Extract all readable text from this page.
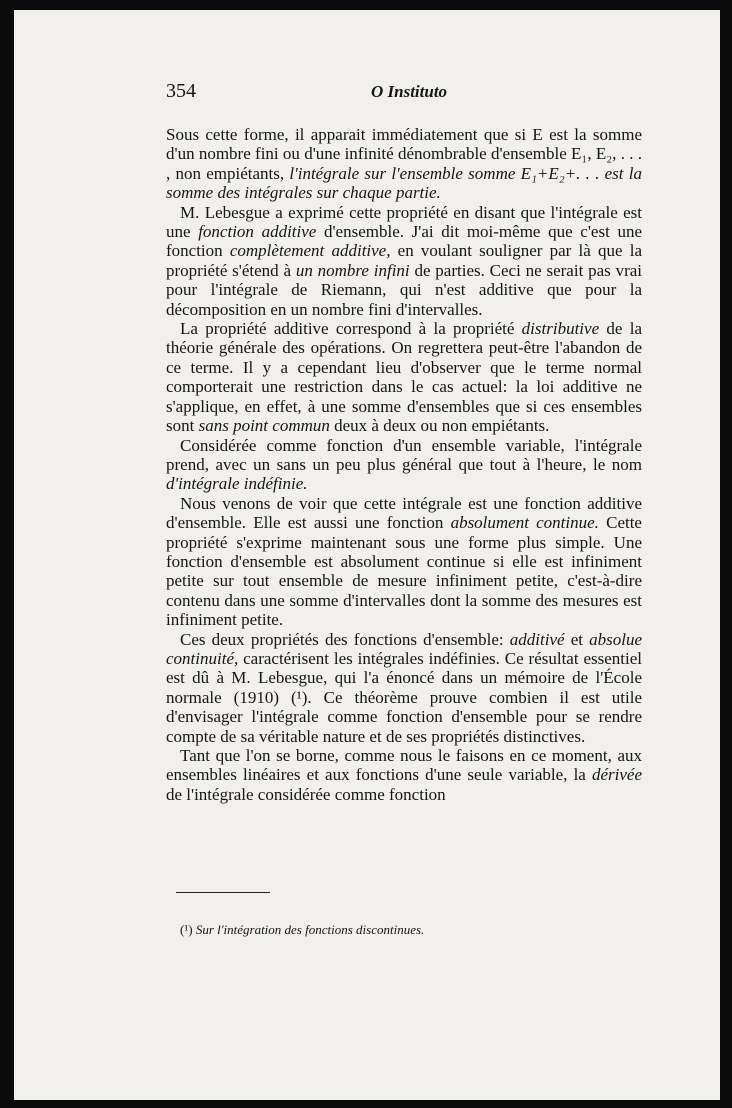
354	O Instituto

Sous cette forme, il apparait immédiatement que si E est la somme d'un nombre fini ou d'une infinité dénombrable d'ensemble E₁, E₂, . . . , non empiétants, l'intégrale sur l'ensemble somme E₁+E₂+. . . est la somme des intégrales sur chaque partie.

M. Lebesgue a exprimé cette propriété en disant que l'intégrale est une fonction additive d'ensemble. J'ai dit moi-même que c'est une fonction complètement additive, en voulant souligner par là que la propriété s'étend à un nombre infini de parties. Ceci ne serait pas vrai pour l'intégrale de Riemann, qui n'est additive que pour la décomposition en un nombre fini d'intervalles.

La propriété additive correspond à la propriété distributive de la théorie générale des opérations. On regrettera peut-être l'abandon de ce terme. Il y a cependant lieu d'observer que le terme normal comporterait une restriction dans le cas actuel: la loi additive ne s'applique, en effet, à une somme d'ensembles que si ces ensembles sont sans point commun deux à deux ou non empiétants.

Considérée comme fonction d'un ensemble variable, l'intégrale prend, avec un sans un peu plus général que tout à l'heure, le nom d'intégrale indéfinie.

Nous venons de voir que cette intégrale est une fonction additive d'ensemble. Elle est aussi une fonction absolument continue. Cette propriété s'exprime maintenant sous une forme plus simple. Une fonction d'ensemble est absolument continue si elle est infiniment petite sur tout ensemble de mesure infiniment petite, c'est-à-dire contenu dans une somme d'intervalles dont la somme des mesures est infiniment petite.

Ces deux propriétés des fonctions d'ensemble: additivé et absolue continuité, caractérisent les intégrales indéfinies. Ce résultat essentiel est dû à M. Lebesgue, qui l'a énoncé dans un mémoire de l'École normale (1910) (¹). Ce théorème prouve combien il est utile d'envisager l'intégrale comme fonction d'ensemble pour se rendre compte de sa véritable nature et de ses propriétés distinctives.

Tant que l'on se borne, comme nous le faisons en ce moment, aux ensembles linéaires et aux fonctions d'une seule variable, la dérivée de l'intégrale considérée comme fonction

(¹) Sur l'intégration des fonctions discontinues.
